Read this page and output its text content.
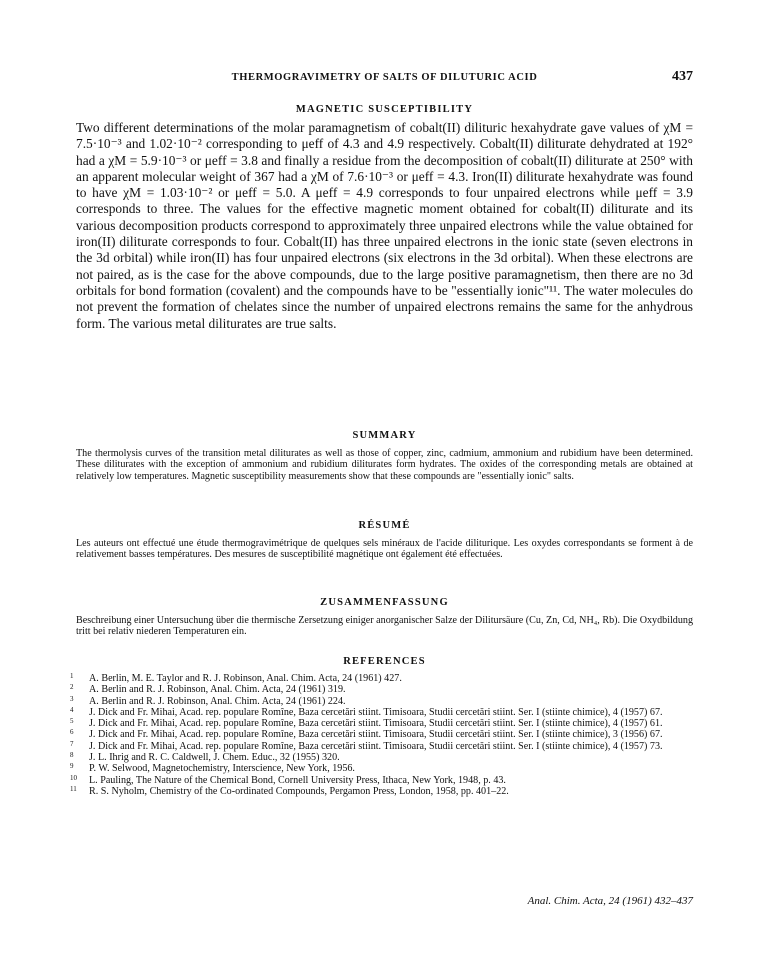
THERMOGRAVIMETRY OF SALTS OF DILUTURIC ACID	437
MAGNETIC SUSCEPTIBILITY

Two different determinations of the molar paramagnetism of cobalt(II) dilituric hexahydrate gave values of χM = 7.5·10⁻³ and 1.02·10⁻² corresponding to μeff of 4.3 and 4.9 respectively. Cobalt(II) diliturate dehydrated at 192° had a χM = 5.9·10⁻³ or μeff = 3.8 and finally a residue from the decomposition of cobalt(II) diliturate at 250° with an apparent molecular weight of 367 had a χM of 7.6·10⁻³ or μeff = 4.3. Iron(II) diliturate hexahydrate was found to have χM = 1.03·10⁻² or μeff = 5.0. A μeff = 4.9 corresponds to four unpaired electrons while μeff = 3.9 corresponds to three. The values for the effective magnetic moment obtained for cobalt(II) diliturate and its various decomposition products correspond to approximately three unpaired electrons while the value obtained for iron(II) diliturate corresponds to four. Cobalt(II) has three unpaired electrons in the ionic state (seven electrons in the 3d orbital) while iron(II) has four unpaired electrons (six electrons in the 3d orbital). When these electrons are not paired, as is the case for the above compounds, due to the large positive paramagnetism, then there are no 3d orbitals for bond formation (covalent) and the compounds have to be "essentially ionic"¹¹. The water molecules do not prevent the formation of chelates since the number of unpaired electrons remains the same for the anhydrous form. The various metal diliturates are true salts.

SUMMARY

The thermolysis curves of the transition metal diliturates as well as those of copper, zinc, cadmium, ammonium and rubidium have been determined. These diliturates with the exception of ammonium and rubidium diliturates form hydrates. The oxides of the corresponding metals are obtained at relatively low temperatures. Magnetic susceptibility measurements show that these compounds are "essentially ionic" salts.

RÉSUMÉ

Les auteurs ont effectué une étude thermogravimétrique de quelques sels minéraux de l'acide diliturique. Les oxydes correspondants se forment à de relativement basses températures. Des mesures de susceptibilité magnétique ont également été effectuées.

ZUSAMMENFASSUNG

Beschreibung einer Untersuchung über die thermische Zersetzung einiger anorganischer Salze der Dilitursäure (Cu, Zn, Cd, NH₄, Rb). Die Oxydbildung tritt bei relativ niederen Temperaturen ein.

REFERENCES
1 A. Berlin, M. E. Taylor and R. J. Robinson, Anal. Chim. Acta, 24 (1961) 427.
2 A. Berlin and R. J. Robinson, Anal. Chim. Acta, 24 (1961) 319.
3 A. Berlin and R. J. Robinson, Anal. Chim. Acta, 24 (1961) 224.
4 J. Dick and Fr. Mihai, Acad. rep. populare Romîne, Baza cercetări stiint. Timisoara, Studii cercetări stiint. Ser. I (stiinte chimice), 4 (1957) 67.
5 J. Dick and Fr. Mihai, Acad. rep. populare Romîne, Baza cercetări stiint. Timisoara, Studii cercetări stiint. Ser. I (stiinte chimice), 4 (1957) 61.
6 J. Dick and Fr. Mihai, Acad. rep. populare Romîne, Baza cercetări stiint. Timisoara, Studii cercetări stiint. Ser. I (stiinte chimice), 3 (1956) 67.
7 J. Dick and Fr. Mihai, Acad. rep. populare Romîne, Baza cercetări stiint. Timisoara, Studii cercetări stiint. Ser. I (stiinte chimice), 4 (1957) 73.
8 J. L. Ihrig and R. C. Caldwell, J. Chem. Educ., 32 (1955) 320.
9 P. W. Selwood, Magnetochemistry, Interscience, New York, 1956.
10 L. Pauling, The Nature of the Chemical Bond, Cornell University Press, Ithaca, New York, 1948, p. 43.
11 R. S. Nyholm, Chemistry of the Co-ordinated Compounds, Pergamon Press, London, 1958, pp. 401–22.
Anal. Chim. Acta, 24 (1961) 432–437
